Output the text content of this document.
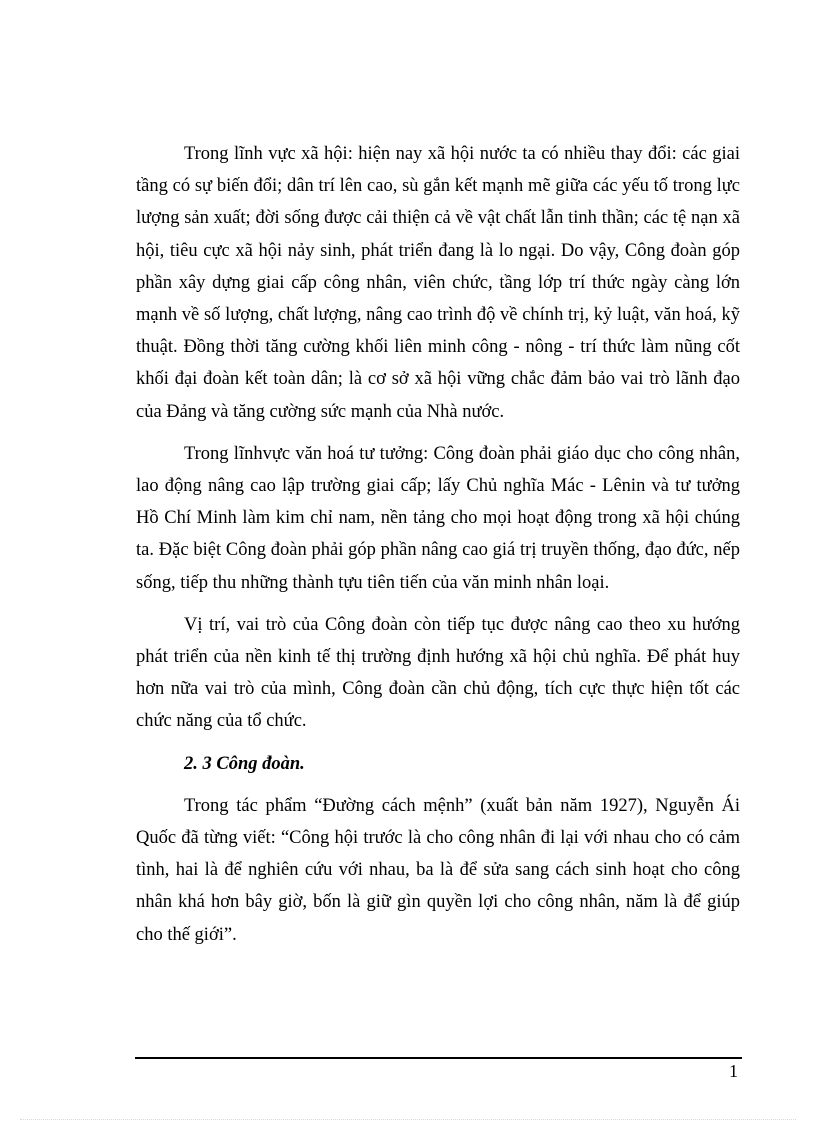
Trong lĩnh vực xã hội: hiện nay xã hội nước ta có nhiều thay đổi: các giai tầng có sự biến đổi; dân trí lên cao, sù gắn kết mạnh mẽ giữa các yếu tố trong lực lượng sản xuất; đời sống được cải thiện cả về vật chất lẫn tinh thần; các tệ nạn xã hội, tiêu cực xã hội nảy sinh, phát triển đang là lo ngại. Do vậy, Công đoàn góp phần xây dựng giai cấp công nhân, viên chức, tầng lớp trí thức ngày càng lớn mạnh về số lượng, chất lượng, nâng cao trình độ về chính trị, kỷ luật, văn hoá, kỹ thuật. Đồng thời tăng cường khối liên minh công - nông - trí thức làm nũng cốt khối đại đoàn kết toàn dân; là cơ sở xã hội vững chắc đảm bảo vai trò lãnh đạo của Đảng và tăng cường sức mạnh của Nhà nước.

Trong lĩnhvực văn hoá tư tưởng: Công đoàn phải giáo dục cho công nhân, lao động nâng cao lập trường giai cấp; lấy Chủ nghĩa Mác - Lênin và tư tưởng Hồ Chí Minh làm kim chỉ nam, nền tảng cho mọi hoạt động trong xã hội chúng ta. Đặc biệt Công đoàn phải góp phần nâng cao giá trị truyền thống, đạo đức, nếp sống, tiếp thu những thành tựu tiên tiến của văn minh nhân loại.

Vị trí, vai trò của Công đoàn còn tiếp tục được nâng cao theo xu hướng phát triển của nền kinh tế thị trường định hướng xã hội chủ nghĩa. Để phát huy hơn nữa vai trò của mình, Công đoàn cần chủ động, tích cực thực hiện tốt các chức năng của tổ chức.

2. 3 Công đoàn.

Trong tác phẩm “Đường cách mệnh” (xuất bản năm 1927), Nguyễn Ái Quốc đã từng viết: “Công hội trước là cho công nhân đi lại với nhau cho có cảm tình, hai là để nghiên cứu với nhau, ba là để sửa sang cách sinh hoạt cho công nhân khá hơn bây giờ, bốn là giữ gìn quyền lợi cho công nhân, năm là để giúp cho thế giới”.

1
